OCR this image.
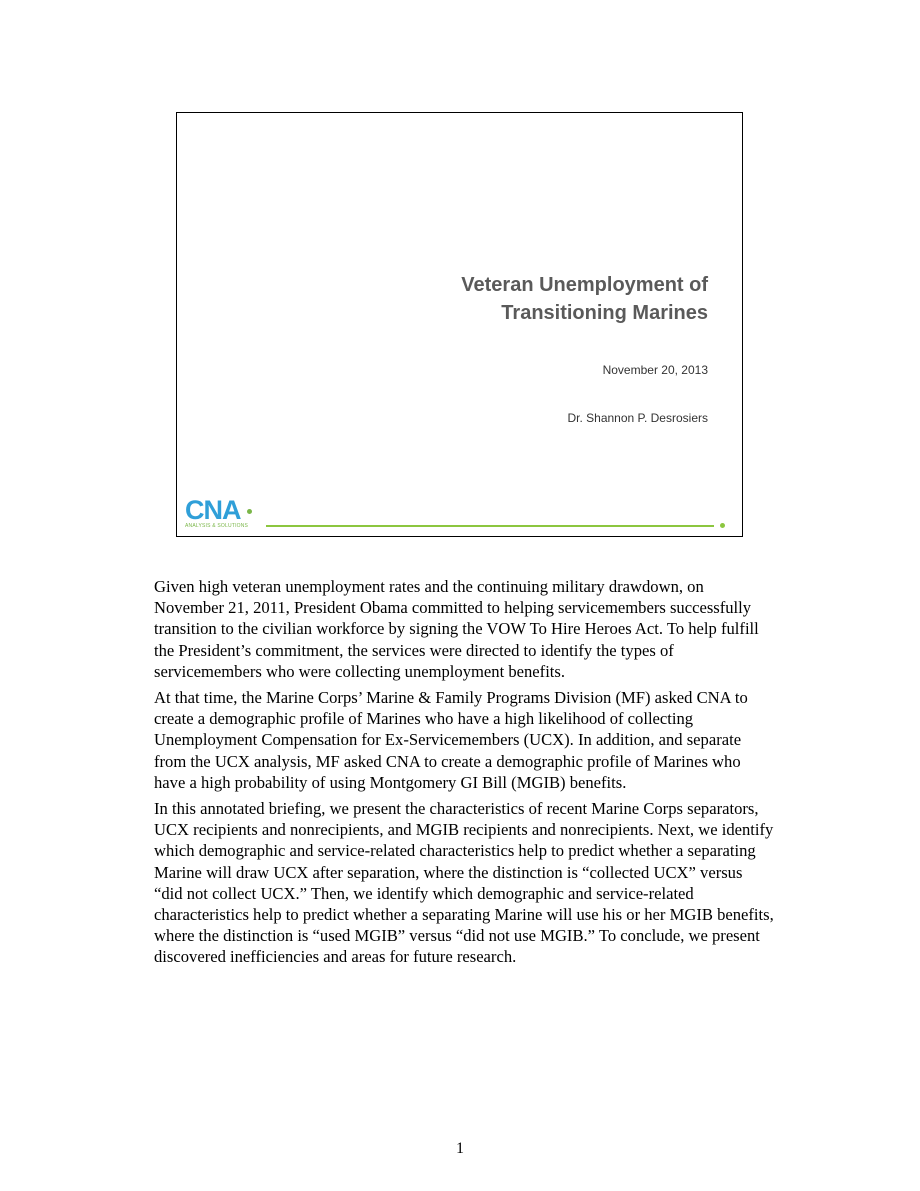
Veteran Unemployment of
Transitioning Marines
November 20, 2013
Dr. Shannon P. Desrosiers
CNA
ANALYSIS & SOLUTIONS

Given high veteran unemployment rates and the continuing military drawdown, on November 21, 2011, President Obama committed to helping servicemembers successfully transition to the civilian workforce by signing the VOW To Hire Heroes Act. To help fulfill the President’s commitment, the services were directed to identify the types of servicemembers who were collecting unemployment benefits.

At that time, the Marine Corps’ Marine & Family Programs Division (MF) asked CNA to create a demographic profile of Marines who have a high likelihood of collecting Unemployment Compensation for Ex-Servicemembers (UCX). In addition, and separate from the UCX analysis, MF asked CNA to create a demographic profile of Marines who have a high probability of using Montgomery GI Bill (MGIB) benefits.

In this annotated briefing, we present the characteristics of recent Marine Corps separators, UCX recipients and nonrecipients, and MGIB recipients and nonrecipients. Next, we identify which demographic and service-related characteristics help to predict whether a separating Marine will draw UCX after separation, where the distinction is “collected UCX” versus “did not collect UCX.” Then, we identify which demographic and service-related characteristics help to predict whether a separating Marine will use his or her MGIB benefits, where the distinction is “used MGIB” versus “did not use MGIB.” To conclude, we present discovered inefficiencies and areas for future research.

1
